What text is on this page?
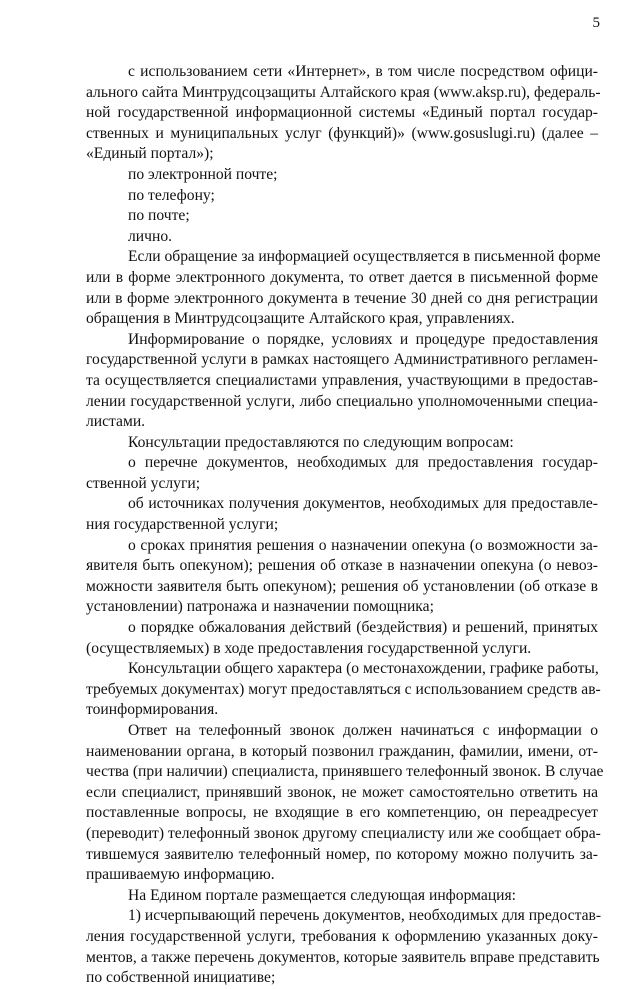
5
с использованием сети «Интернет», в том числе посредством офици-
ального сайта Минтрудсоцзащиты Алтайского края (www.aksp.ru), федераль-
ной государственной информационной системы «Единый портал государ-
ственных и муниципальных услуг (функций)» (www.gosuslugi.ru) (далее –
«Единый портал»);
по электронной почте;
по телефону;
по почте;
лично.
Если обращение за информацией осуществляется в письменной форме
или в форме электронного документа, то ответ дается в письменной форме
или в форме электронного документа в течение 30 дней со дня регистрации
обращения в Минтрудсоцзащите Алтайского края, управлениях.
Информирование о порядке, условиях и процедуре предоставления
государственной услуги в рамках настоящего Административного регламен-
та осуществляется специалистами управления, участвующими в предостав-
лении государственной услуги, либо специально уполномоченными специа-
листами.
Консультации предоставляются по следующим вопросам:
о перечне документов, необходимых для предоставления государ-
ственной услуги;
об источниках получения документов, необходимых для предоставле-
ния государственной услуги;
о сроках принятия решения о назначении опекуна (о возможности за-
явителя быть опекуном); решения об отказе в назначении опекуна (о невоз-
можности заявителя быть опекуном); решения об установлении (об отказе в
установлении) патронажа и назначении помощника;
о порядке обжалования действий (бездействия) и решений, принятых
(осуществляемых) в ходе предоставления государственной услуги.
Консультации общего характера (о местонахождении, графике работы,
требуемых документах) могут предоставляться с использованием средств ав-
тоинформирования.
Ответ на телефонный звонок должен начинаться с информации о
наименовании органа, в который позвонил гражданин, фамилии, имени, от-
чества (при наличии) специалиста, принявшего телефонный звонок. В случае
если специалист, принявший звонок, не может самостоятельно ответить на
поставленные вопросы, не входящие в его компетенцию, он переадресует
(переводит) телефонный звонок другому специалисту или же сообщает обра-
тившемуся заявителю телефонный номер, по которому можно получить за-
прашиваемую информацию.
На Едином портале размещается следующая информация:
1) исчерпывающий перечень документов, необходимых для предостав-
ления государственной услуги, требования к оформлению указанных доку-
ментов, а также перечень документов, которые заявитель вправе представить
по собственной инициативе;
